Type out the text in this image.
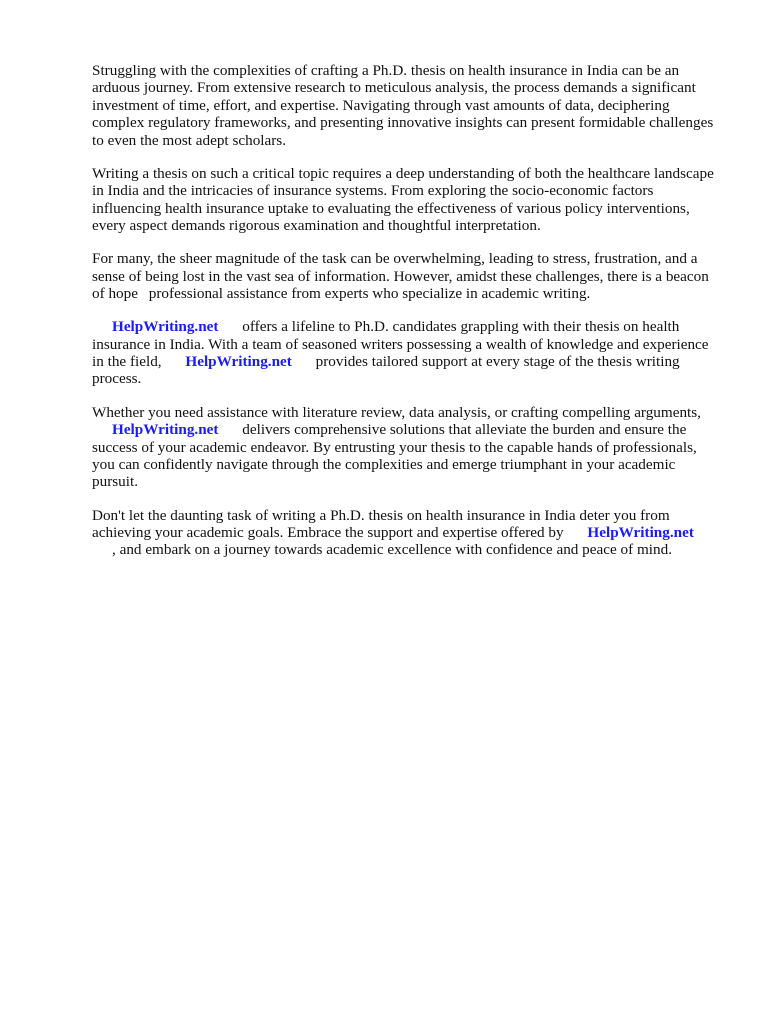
Struggling with the complexities of crafting a Ph.D. thesis on health insurance in India can be an arduous journey. From extensive research to meticulous analysis, the process demands a significant investment of time, effort, and expertise. Navigating through vast amounts of data, deciphering complex regulatory frameworks, and presenting innovative insights can present formidable challenges to even the most adept scholars.

Writing a thesis on such a critical topic requires a deep understanding of both the healthcare landscape in India and the intricacies of insurance systems. From exploring the socio-economic factors influencing health insurance uptake to evaluating the effectiveness of various policy interventions, every aspect demands rigorous examination and thoughtful interpretation.

For many, the sheer magnitude of the task can be overwhelming, leading to stress, frustration, and a sense of being lost in the vast sea of information. However, amidst these challenges, there is a beacon of hope professional assistance from experts who specialize in academic writing.

HelpWriting.net offers a lifeline to Ph.D. candidates grappling with their thesis on health insurance in India. With a team of seasoned writers possessing a wealth of knowledge and experience in the field, HelpWriting.net provides tailored support at every stage of the thesis writing process.

Whether you need assistance with literature review, data analysis, or crafting compelling arguments, HelpWriting.net delivers comprehensive solutions that alleviate the burden and ensure the success of your academic endeavor. By entrusting your thesis to the capable hands of professionals, you can confidently navigate through the complexities and emerge triumphant in your academic pursuit.

Don't let the daunting task of writing a Ph.D. thesis on health insurance in India deter you from achieving your academic goals. Embrace the support and expertise offered by HelpWriting.net
, and embark on a journey towards academic excellence with confidence and peace of mind.
